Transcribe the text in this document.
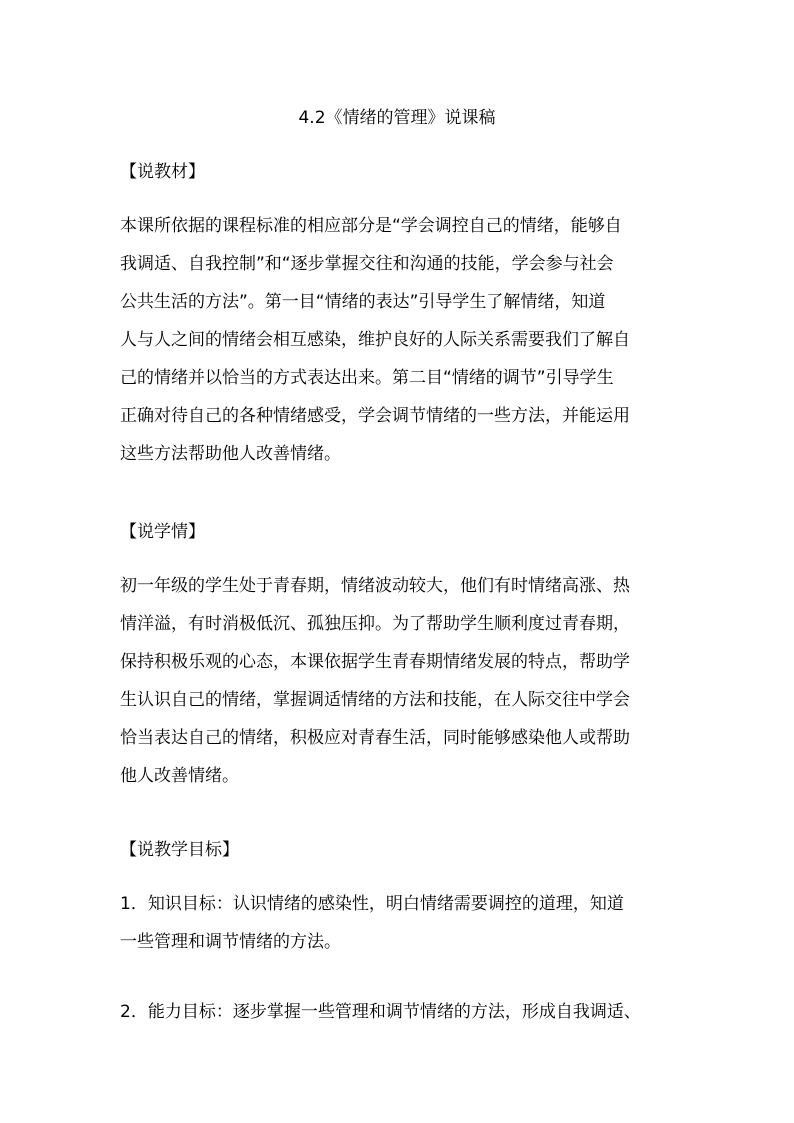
4.2《情绪的管理》说课稿
【说教材】
本课所依据的课程标准的相应部分是“学会调控自己的情绪，能够自
我调适、自我控制”和“逐步掌握交往和沟通的技能，学会参与社会
公共生活的方法”。第一目“情绪的表达”引导学生了解情绪，知道
人与人之间的情绪会相互感染，维护良好的人际关系需要我们了解自
己的情绪并以恰当的方式表达出来。第二目“情绪的调节”引导学生
正确对待自己的各种情绪感受，学会调节情绪的一些方法，并能运用
这些方法帮助他人改善情绪。
【说学情】
初一年级的学生处于青春期，情绪波动较大，他们有时情绪高涨、热
情洋溢，有时消极低沉、孤独压抑。为了帮助学生顺利度过青春期，
保持积极乐观的心态，本课依据学生青春期情绪发展的特点，帮助学
生认识自己的情绪，掌握调适情绪的方法和技能，在人际交往中学会
恰当表达自己的情绪，积极应对青春生活，同时能够感染他人或帮助
他人改善情绪。
【说教学目标】
1．知识目标：认识情绪的感染性，明白情绪需要调控的道理，知道
一些管理和调节情绪的方法。
2．能力目标：逐步掌握一些管理和调节情绪的方法，形成自我调适、
